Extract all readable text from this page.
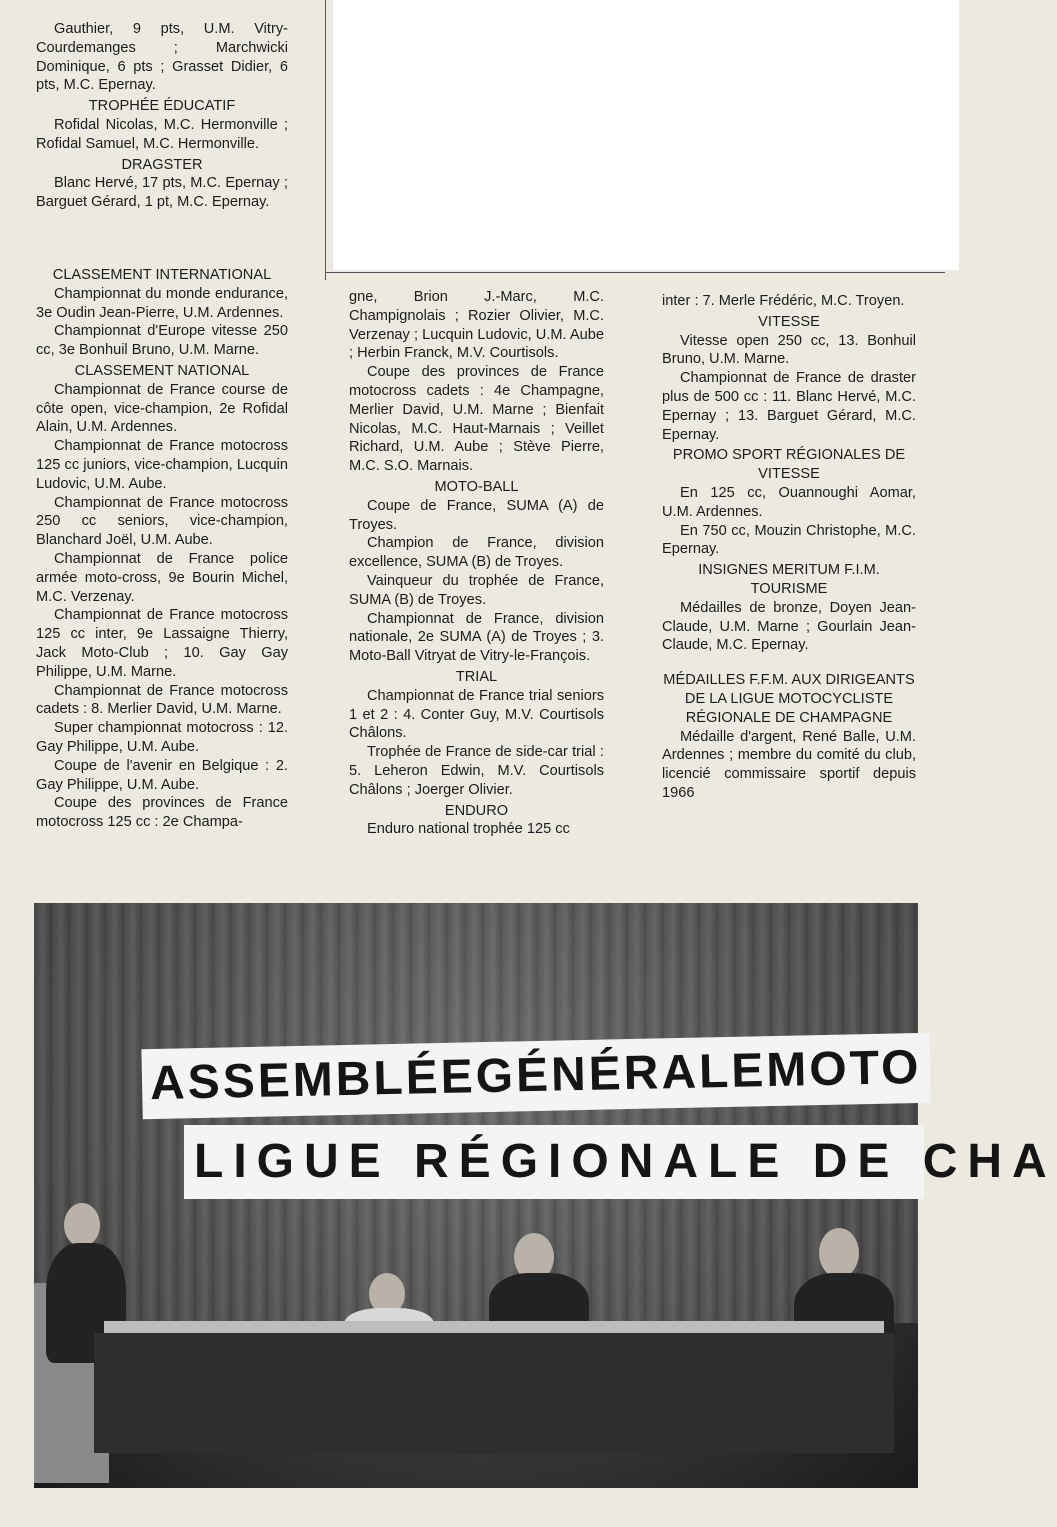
Gauthier, 9 pts, U.M. Vitry-Courdemanges ; Marchwicki Dominique, 6 pts ; Grasset Didier, 6 pts, M.C. Epernay.

TROPHÉE ÉDUCATIF

Rofidal Nicolas, M.C. Hermonville ; Rofidal Samuel, M.C. Hermonville.

DRAGSTER

Blanc Hervé, 17 pts, M.C. Epernay ; Barguet Gérard, 1 pt, M.C. Epernay.

CLASSEMENT INTERNATIONAL

Championnat du monde endurance, 3e Oudin Jean-Pierre, U.M. Ardennes.

Championnat d'Europe vitesse 250 cc, 3e Bonhuil Bruno, U.M. Marne.

CLASSEMENT NATIONAL

Championnat de France course de côte open, vice-champion, 2e Rofidal Alain, U.M. Ardennes.

Championnat de France motocross 125 cc juniors, vice-champion, Lucquin Ludovic, U.M. Aube.

Championnat de France motocross 250 cc seniors, vice-champion, Blanchard Joël, U.M. Aube.

Championnat de France police armée moto-cross, 9e Bourin Michel, M.C. Verzenay.

Championnat de France motocross 125 cc inter, 9e Lassaigne Thierry, Jack Moto-Club ; 10. Gay Gay Philippe, U.M. Marne.

Championnat de France motocross cadets : 8. Merlier David, U.M. Marne.

Super championnat motocross : 12. Gay Philippe, U.M. Aube.

Coupe de l'avenir en Belgique : 2. Gay Philippe, U.M. Aube.

Coupe des provinces de France motocross 125 cc : 2e Champa-

gne, Brion J.-Marc, M.C. Champignolais ; Rozier Olivier, M.C. Verzenay ; Lucquin Ludovic, U.M. Aube ; Herbin Franck, M.V. Courtisols.

Coupe des provinces de France motocross cadets : 4e Champagne, Merlier David, U.M. Marne ; Bienfait Nicolas, M.C. Haut-Marnais ; Veillet Richard, U.M. Aube ; Stève Pierre, M.C. S.O. Marnais.

MOTO-BALL

Coupe de France, SUMA (A) de Troyes.

Champion de France, division excellence, SUMA (B) de Troyes.

Vainqueur du trophée de France, SUMA (B) de Troyes.

Championnat de France, division nationale, 2e SUMA (A) de Troyes ; 3. Moto-Ball Vitryat de Vitry-le-François.

TRIAL

Championnat de France trial seniors 1 et 2 : 4. Conter Guy, M.V. Courtisols Châlons.

Trophée de France de side-car trial : 5. Leheron Edwin, M.V. Courtisols Châlons ; Joerger Olivier.

ENDURO

Enduro national trophée 125 cc

inter : 7. Merle Frédéric, M.C. Troyen.

VITESSE

Vitesse open 250 cc, 13. Bonhuil Bruno, U.M. Marne.

Championnat de France de draster plus de 500 cc : 11. Blanc Hervé, M.C. Epernay ; 13. Barguet Gérard, M.C. Epernay.

PROMO SPORT RÉGIONALES DE VITESSE

En 125 cc, Ouannoughi Aomar, U.M. Ardennes.

En 750 cc, Mouzin Christophe, M.C. Epernay.

INSIGNES MERITUM F.I.M. TOURISME

Médailles de bronze, Doyen Jean-Claude, U.M. Marne ; Gourlain Jean-Claude, M.C. Epernay.

MÉDAILLES F.F.M. AUX DIRIGEANTS DE LA LIGUE MOTOCYCLISTE RÉGIONALE DE CHAMPAGNE

Médaille d'argent, René Balle, U.M. Ardennes ; membre du comité du club, licencié commissaire sportif depuis 1966

ASSEMBLÉEGÉNÉRALEMOTO
LIGUE RÉGIONALE DE CHA
